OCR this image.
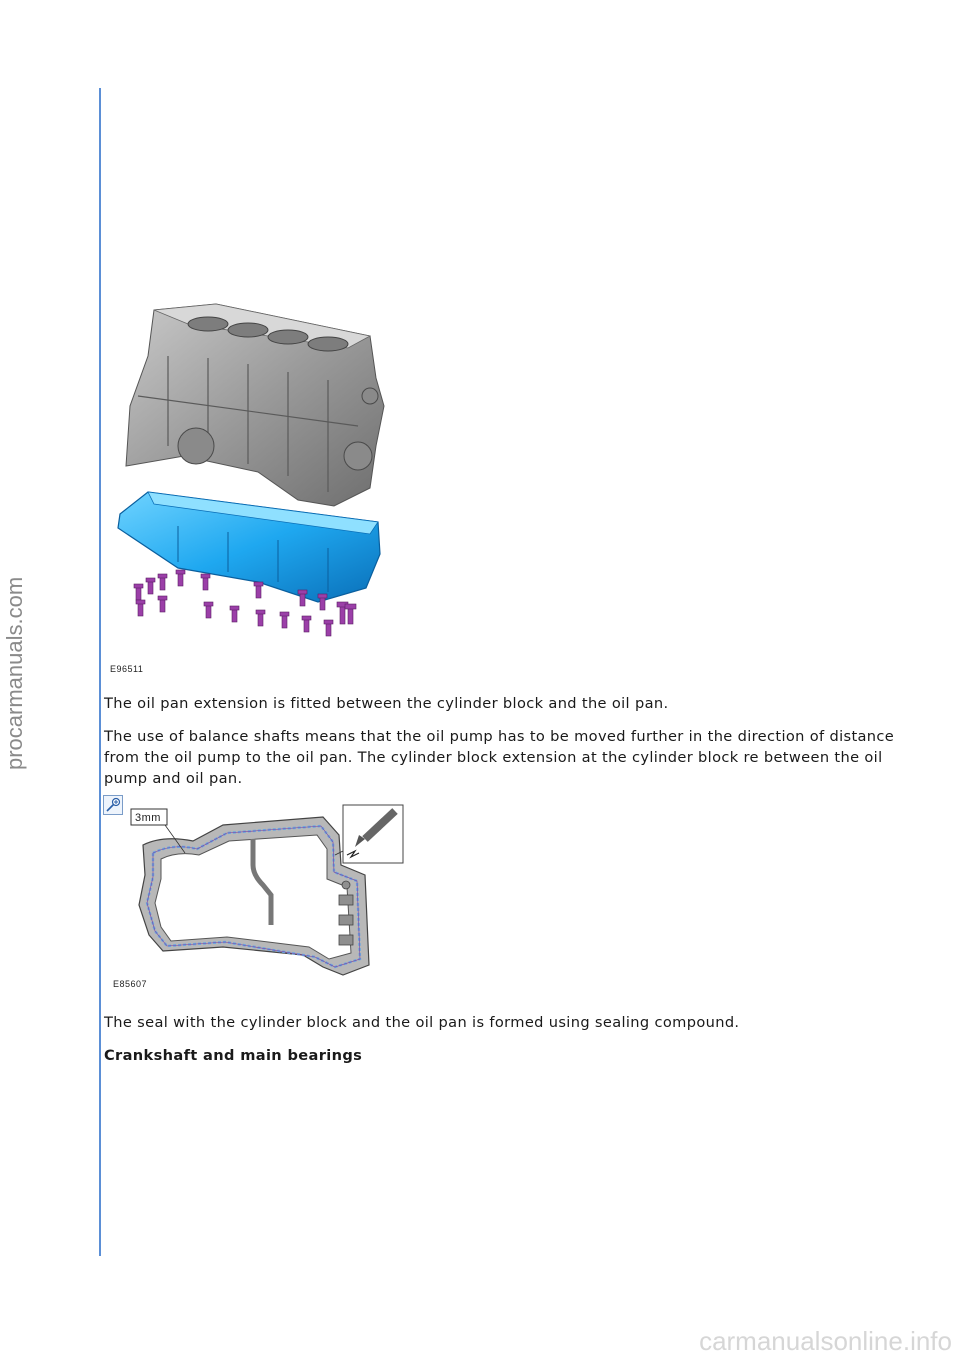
procarmanuals.com	E96511
The oil pan extension is fitted between the cylinder block and the oil pan.
The use of balance shafts means that the oil pump has to be moved further in the direction of distance from the oil pump to the oil pan. The cylinder block extension at the cylinder block re between the oil pump and oil pan.
3mm
E85607
The seal with the cylinder block and the oil pan is formed using sealing compound.
Crankshaft and main bearings
carmanualsonline.info
